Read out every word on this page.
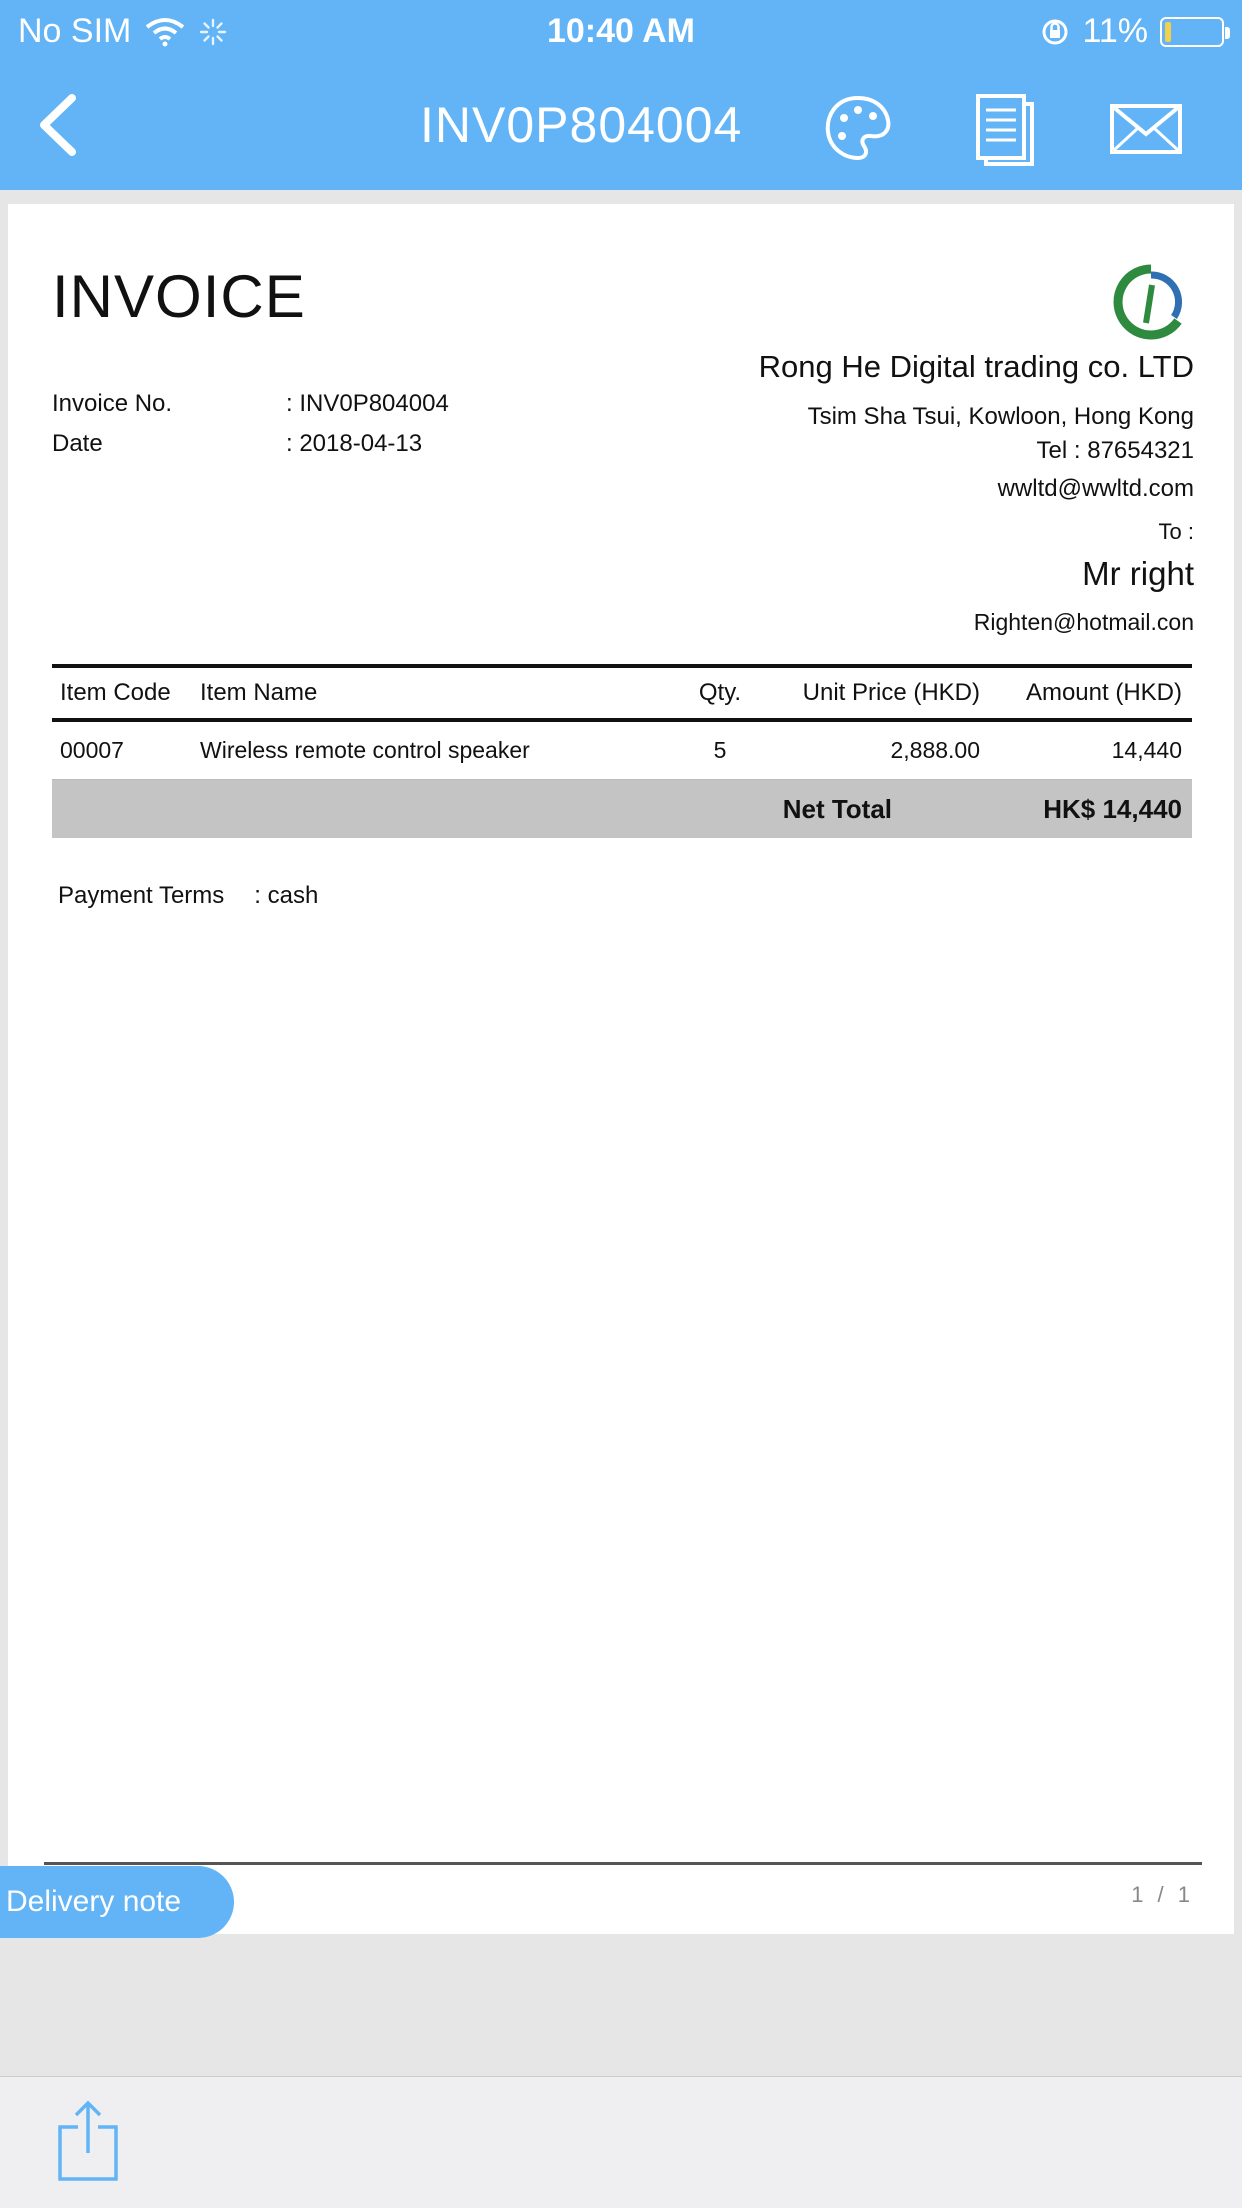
No SIM	10:40 AM	11%
INV0P804004
INVOICE
Invoice No.	: INV0P804004
Date	: 2018-04-13
Rong He Digital trading co. LTD
Tsim Sha Tsui, Kowloon, Hong Kong
Tel : 87654321
wwltd@wwltd.com
To :
Mr right
Righten@hotmail.con
Item Code	Item Name	Qty.	Unit Price (HKD)	Amount (HKD)
00007	Wireless remote control speaker	5	2,888.00	14,440
Net Total	HK$ 14,440
Payment Terms : cash
1 / 1
Delivery note
